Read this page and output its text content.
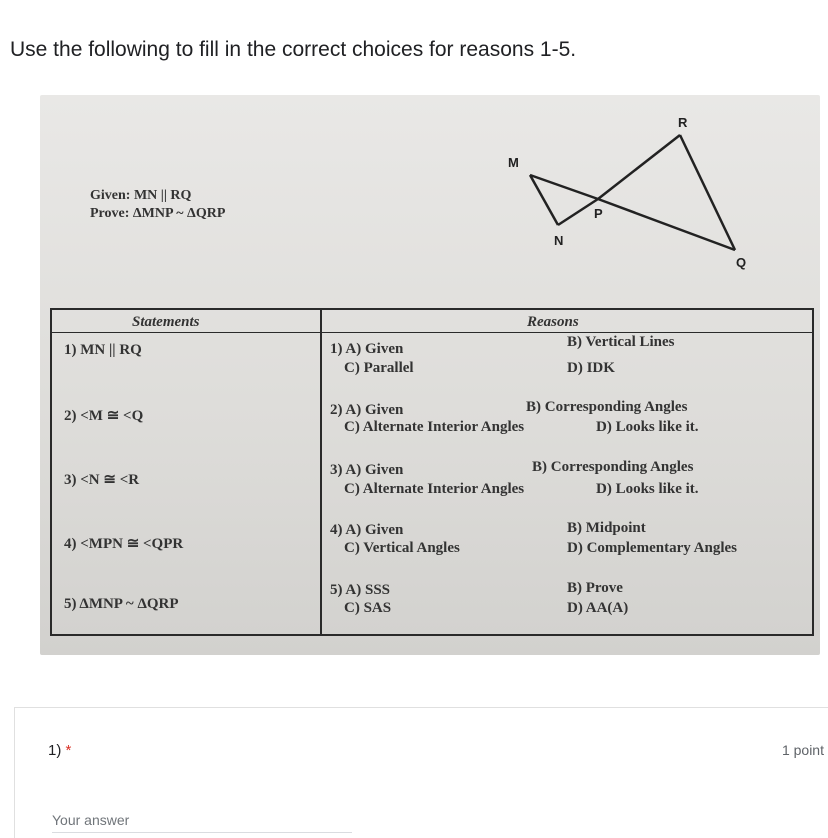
Use the following to fill in the correct choices for reasons 1-5.
Given: MN || RQ
Prove: ΔMNP ~ ΔQRP
M
N
P
R
Q
Statements	Reasons
1) MN || RQ	1) A) Given	B) Vertical Lines
C) Parallel	D) IDK
2) <M ≅ <Q	2) A) Given	B) Corresponding Angles
C) Alternate Interior Angles	D) Looks like it.
3) <N ≅ <R
3) A) Given	B) Corresponding Angles
C) Alternate Interior Angles	D) Looks like it.
4) <MPN ≅ <QPR
4) A) Given	B) Midpoint
C) Vertical Angles	D) Complementary Angles
5) ΔMNP ~ ΔQRP
5) A) SSS	B) Prove
C) SAS	D) AA(A)
1) *	1 point
Your answer
